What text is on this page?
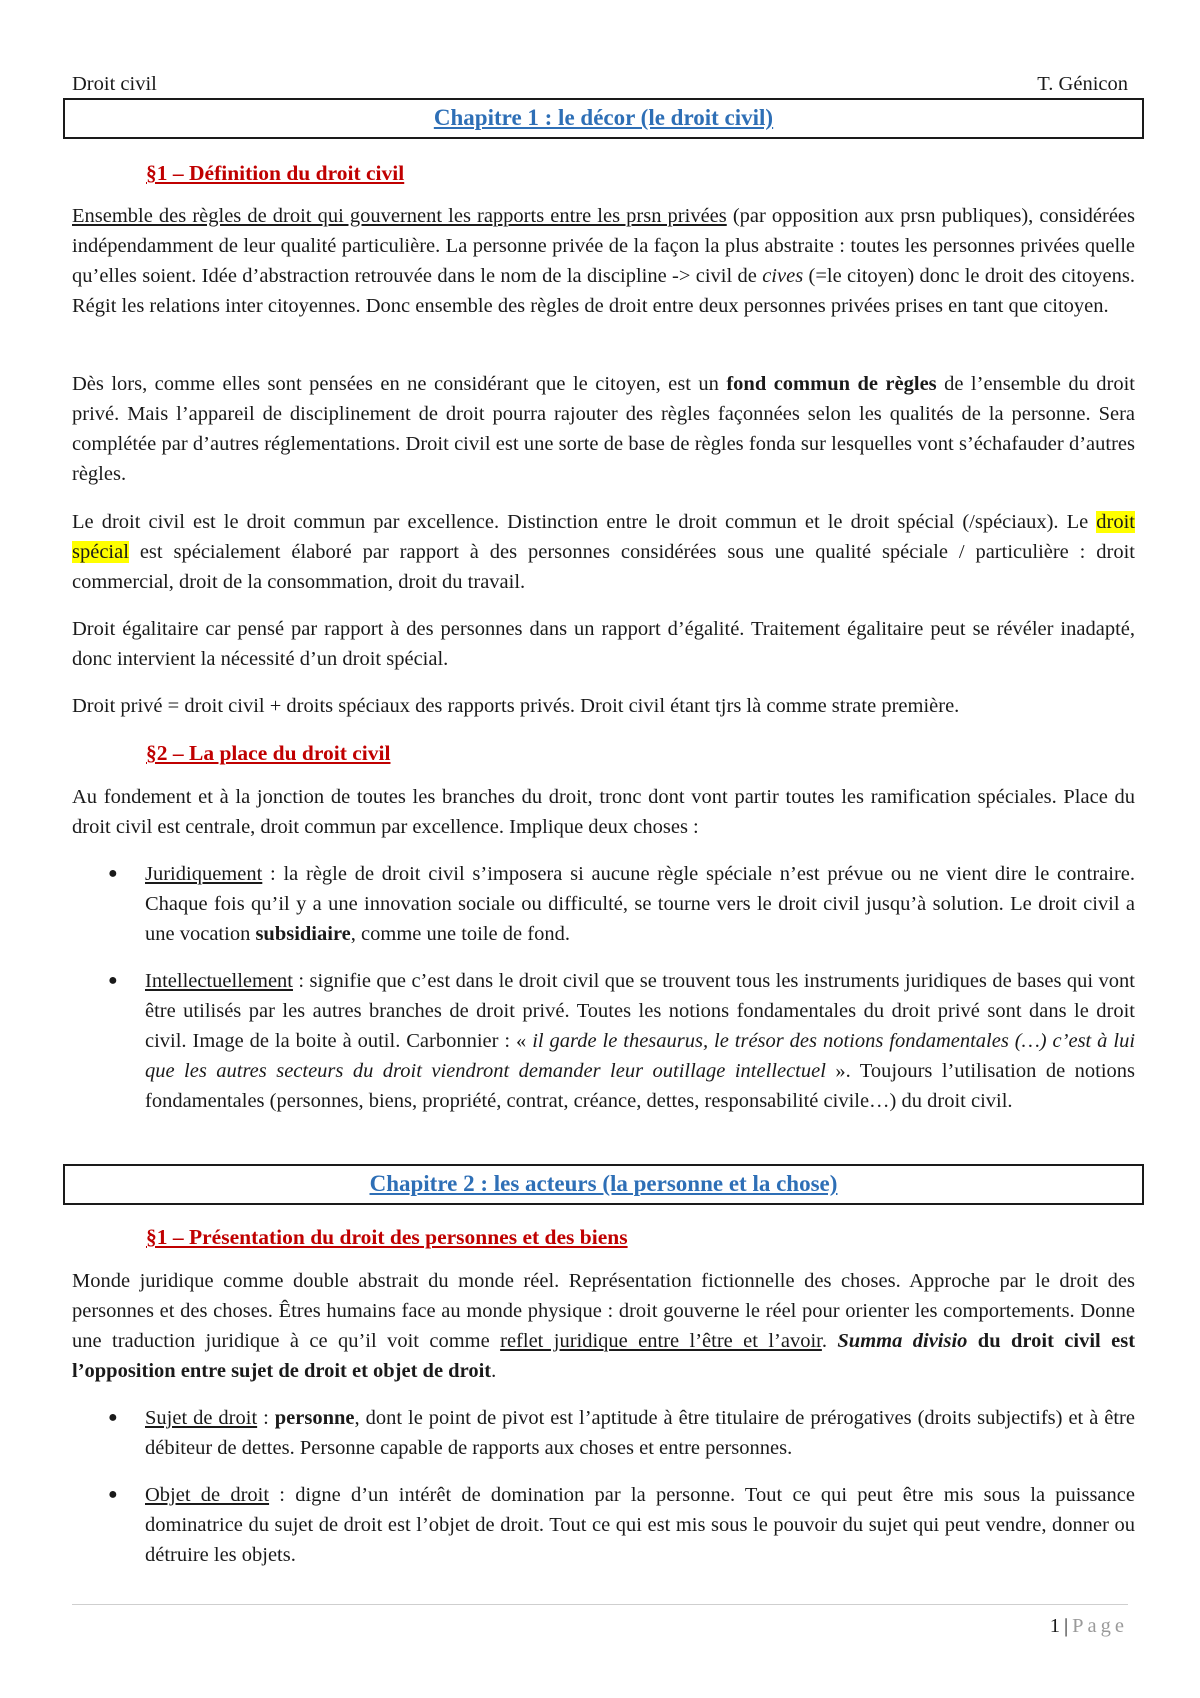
Droit civil	T. Génicon
Chapitre 1 : le décor (le droit civil)
§1 – Définition du droit civil

Ensemble des règles de droit qui gouvernent les rapports entre les prsn privées (par opposition aux prsn publiques), considérées indépendamment de leur qualité particulière. La personne privée de la façon la plus abstraite : toutes les personnes privées quelle qu’elles soient. Idée d’abstraction retrouvée dans le nom de la discipline -> civil de cives (=le citoyen) donc le droit des citoyens. Régit les relations inter citoyennes. Donc ensemble des règles de droit entre deux personnes privées prises en tant que citoyen.

Dès lors, comme elles sont pensées en ne considérant que le citoyen, est un fond commun de règles de l’ensemble du droit privé. Mais l’appareil de disciplinement de droit pourra rajouter des règles façonnées selon les qualités de la personne. Sera complétée par d’autres réglementations. Droit civil est une sorte de base de règles fonda sur lesquelles vont s’échafauder d’autres règles.

Le droit civil est le droit commun par excellence. Distinction entre le droit commun et le droit spécial (/spéciaux). Le droit spécial est spécialement élaboré par rapport à des personnes considérées sous une qualité spéciale / particulière : droit commercial, droit de la consommation, droit du travail.

Droit égalitaire car pensé par rapport à des personnes dans un rapport d’égalité. Traitement égalitaire peut se révéler inadapté, donc intervient la nécessité d’un droit spécial.

Droit privé = droit civil + droits spéciaux des rapports privés. Droit civil étant tjrs là comme strate première.

§2 – La place du droit civil

Au fondement et à la jonction de toutes les branches du droit, tronc dont vont partir toutes les ramification spéciales. Place du droit civil est centrale, droit commun par excellence. Implique deux choses :

● Juridiquement : la règle de droit civil s’imposera si aucune règle spéciale n’est prévue ou ne vient dire le contraire. Chaque fois qu’il y a une innovation sociale ou difficulté, se tourne vers le droit civil jusqu’à solution. Le droit civil a une vocation subsidiaire, comme une toile de fond.

● Intellectuellement : signifie que c’est dans le droit civil que se trouvent tous les instruments juridiques de bases qui vont être utilisés par les autres branches de droit privé. Toutes les notions fondamentales du droit privé sont dans le droit civil. Image de la boite à outil. Carbonnier : « il garde le thesaurus, le trésor des notions fondamentales (…) c’est à lui que les autres secteurs du droit viendront demander leur outillage intellectuel ». Toujours l’utilisation de notions fondamentales (personnes, biens, propriété, contrat, créance, dettes, responsabilité civile…) du droit civil.

Chapitre 2 : les acteurs (la personne et la chose)
§1 – Présentation du droit des personnes et des biens

Monde juridique comme double abstrait du monde réel. Représentation fictionnelle des choses. Approche par le droit des personnes et des choses. Êtres humains face au monde physique : droit gouverne le réel pour orienter les comportements. Donne une traduction juridique à ce qu’il voit comme reflet juridique entre l’être et l’avoir. Summa divisio du droit civil est l’opposition entre sujet de droit et objet de droit.

● Sujet de droit : personne, dont le point de pivot est l’aptitude à être titulaire de prérogatives (droits subjectifs) et à être débiteur de dettes. Personne capable de rapports aux choses et entre personnes.

● Objet de droit : digne d’un intérêt de domination par la personne. Tout ce qui peut être mis sous la puissance dominatrice du sujet de droit est l’objet de droit. Tout ce qui est mis sous le pouvoir du sujet qui peut vendre, donner ou détruire les objets.

1 | Page
